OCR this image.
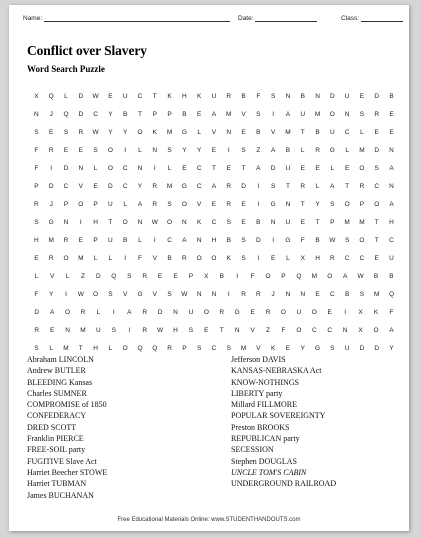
Name:	Date:	Class:
Conflict over Slavery
Word Search Puzzle
X	Q	L	D	W	E	U	C	T	K	H	K	U	R	B	F	S	N	B	N	D	U	E	D	B
N	J	Q	D	C	Y	B	T	P	P	B	E	A	M	V	S	I	A	U	M	O	N	S	R	E
S	E	S	R	W	Y	Y	O	K	M	G	L	V	N	E	B	V	M	T	B	U	C	L	E	E
F	R	E	E	S	O	I	L	N	S	Y	Y	E	I	S	Z	A	B	L	R	G	L	M	D	N
F	I	D	N	L	O	C	N	I	L	E	C	T	E	T	A	D	U	E	E	L	E	O	S	A
P	D	C	V	E	D	C	Y	R	M	G	C	A	R	D	I	S	T	R	L	A	T	R	C	N
R	J	P	O	P	U	L	A	R	S	O	V	E	R	E	I	G	N	T	Y	S	O	P	O	A
S	G	N	I	H	T	O	N	W	O	N	K	C	S	E	B	N	U	E	T	P	M	M	T	H
H	M	R	E	P	U	B	L	I	C	A	N	H	B	S	D	I	G	F	B	W	S	O	T	C
E	R	O	M	L	L	I	F	V	B	R	O	O	K	S	I	E	L	X	H	R	C	C	E	U
L	V	L	Z	D	Q	S	R	E	E	P	X	B	I	F	O	P	Q	M	O	A	W	B	B
F	Y	I	W	O	S	V	G	V	S	W	N	N	I	R	R	J	N	N	E	C	B	S	M	Q
D	A	O	R	L	I	A	R	D	N	U	O	R	G	E	R	O	U	O	E	I	X	K	F
R	E	N	M	U	S	I	R	W	H	S	E	T	N	V	Z	F	O	C	C	N	X	O	A
S	L	M	T	H	L	O	Q	Q	R	P	S	C	S	M	V	K	E	Y	G	S	U	D	D	Y
Abraham LINCOLN
Andrew BUTLER
BLEEDING Kansas
Charles SUMNER
COMPROMISE of 1850
CONFEDERACY
DRED SCOTT
Franklin PIERCE
FREE-SOIL party
FUGITIVE Slave Act
Harriet Beecher STOWE
Harriet TUBMAN
James BUCHANAN
Jefferson DAVIS
KANSAS-NEBRASKA Act
KNOW-NOTHINGS
LIBERTY party
Millard FILLMORE
POPULAR SOVEREIGNTY
Preston BROOKS
REPUBLICAN party
SECESSION
Stephen DOUGLAS
UNCLE TOM'S CABIN
UNDERGROUND RAILROAD
Free Educational Materials Online: www.STUDENTHANDOUTS.com
